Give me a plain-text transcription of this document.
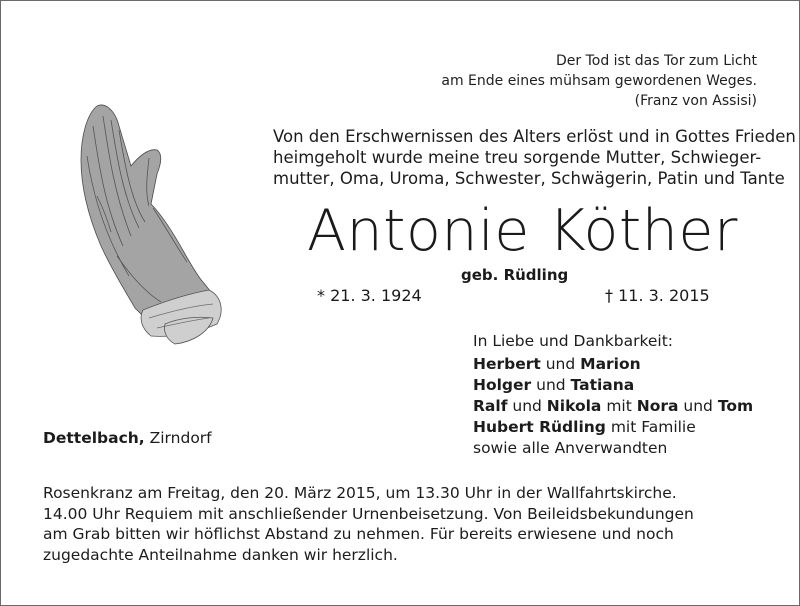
Der Tod ist das Tor zum Licht
am Ende eines mühsam gewordenen Weges.
(Franz von Assisi)
Von den Erschwernissen des Alters erlöst und in Gottes Frieden
heimgeholt wurde meine treu sorgende Mutter, Schwieger-
mutter, Oma, Uroma, Schwester, Schwägerin, Patin und Tante
Antonie Köther
geb. Rüdling
* 21. 3. 1924	† 11. 3. 2015
In Liebe und Dankbarkeit:
Herbert und Marion
Holger und Tatiana
Ralf und Nikola mit Nora und Tom
Hubert Rüdling mit Familie
sowie alle Anverwandten
Dettelbach, Zirndorf
Rosenkranz am Freitag, den 20. März 2015, um 13.30 Uhr in der Wallfahrtskirche.
14.00 Uhr Requiem mit anschließender Urnenbeisetzung. Von Beileidsbekundungen
am Grab bitten wir höflichst Abstand zu nehmen. Für bereits erwiesene und noch
zugedachte Anteilnahme danken wir herzlich.
